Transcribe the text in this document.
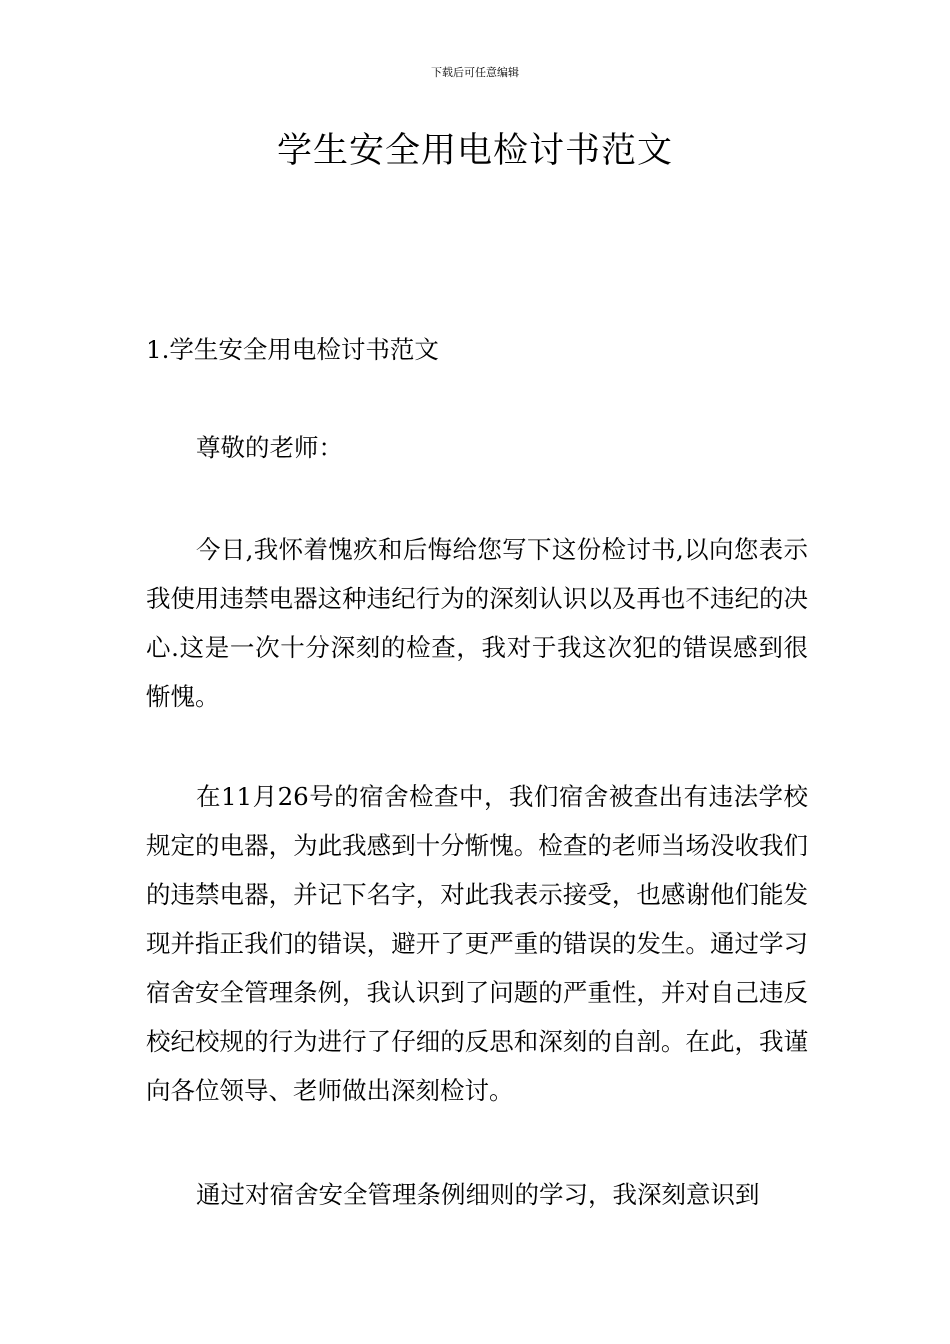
下载后可任意编辑
学生安全用电检讨书范文
1.学生安全用电检讨书范文
尊敬的老师：

今日,我怀着愧疚和后悔给您写下这份检讨书,以向您表示我使用违禁电器这种违纪行为的深刻认识以及再也不违纪的决心.这是一次十分深刻的检查，我对于我这次犯的错误感到很惭愧。

在11月26号的宿舍检查中，我们宿舍被查出有违法学校规定的电器，为此我感到十分惭愧。检查的老师当场没收我们的违禁电器，并记下名字，对此我表示接受，也感谢他们能发现并指正我们的错误，避开了更严重的错误的发生。通过学习宿舍安全管理条例，我认识到了问题的严重性，并对自己违反校纪校规的行为进行了仔细的反思和深刻的自剖。在此，我谨向各位领导、老师做出深刻检讨。

通过对宿舍安全管理条例细则的学习，我深刻意识到
